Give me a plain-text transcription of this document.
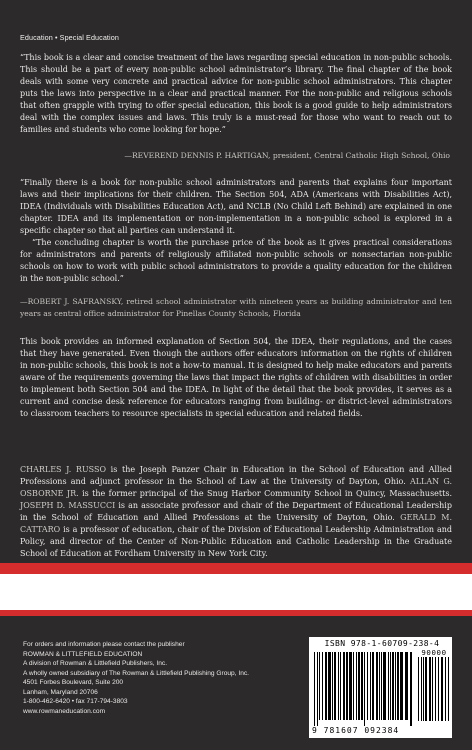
Education • Special Education

“This book is a clear and concise treatment of the laws regarding special education in non-public schools. This should be a part of every non-public school administrator’s library. The final chapter of the book deals with some very concrete and practical advice for non-public school administrators. This chapter puts the laws into perspective in a clear and practical manner. For the non-public and religious schools that often grapple with trying to offer special education, this book is a good guide to help administrators deal with the complex issues and laws. This truly is a must-read for those who want to reach out to families and students who come looking for hope.”

—REVEREND DENNIS P. HARTIGAN, president, Central Catholic High School, Ohio

“Finally there is a book for non-public school administrators and parents that explains four important laws and their implications for their children. The Section 504, ADA (Americans with Disabilities Act), IDEA (Individuals with Disabilities Education Act), and NCLB (No Child Left Behind) are explained in one chapter. IDEA and its implementation or non-implementation in a non-public school is explored in a specific chapter so that all parties can understand it.

“The concluding chapter is worth the purchase price of the book as it gives practical considerations for administrators and parents of religiously affiliated non-public schools or nonsectarian non-public schools on how to work with public school administrators to provide a quality education for the children in the non-public school.”

—ROBERT J. SAFRANSKY, retired school administrator with nineteen years as building administrator and ten years as central office administrator for Pinellas County Schools, Florida
This book provides an informed explanation of Section 504, the IDEA, their regulations, and the cases that they have generated. Even though the authors offer educators information on the rights of children in non-public schools, this book is not a how-to manual. It is designed to help make educators and parents aware of the requirements governing the laws that impact the rights of children with disabilities in order to implement both Section 504 and the IDEA. In light of the detail that the book provides, it serves as a current and concise desk reference for educators ranging from building- or district-level administrators to classroom teachers to resource specialists in special education and related fields.
CHARLES J. RUSSO is the Joseph Panzer Chair in Education in the School of Education and Allied Professions and adjunct professor in the School of Law at the University of Dayton, Ohio. ALLAN G. OSBORNE JR. is the former principal of the Snug Harbor Community School in Quincy, Massachusetts. JOSEPH D. MASSUCCI is an associate professor and chair of the Department of Educational Leadership in the School of Education and Allied Professions at the University of Dayton, Ohio. GERALD M. CATTARO is a professor of education, chair of the Division of Educational Leadership Administration and Policy, and director of the Center of Non-Public Education and Catholic Leadership in the Graduate School of Education at Fordham University in New York City.
For orders and information please contact the publisher
ROWMAN & LITTLEFIELD EDUCATION
A division of Rowman & Littlefield Publishers, Inc.
A wholly owned subsidiary of The Rowman & Littlefield Publishing Group, Inc.
4501 Forbes Boulevard, Suite 200
Lanham, Maryland 20706
1-800-462-6420 • fax 717-794-3803
www.rowmaneducation.com
ISBN 978-1-60709-238-4
90000
9 781607 092384
